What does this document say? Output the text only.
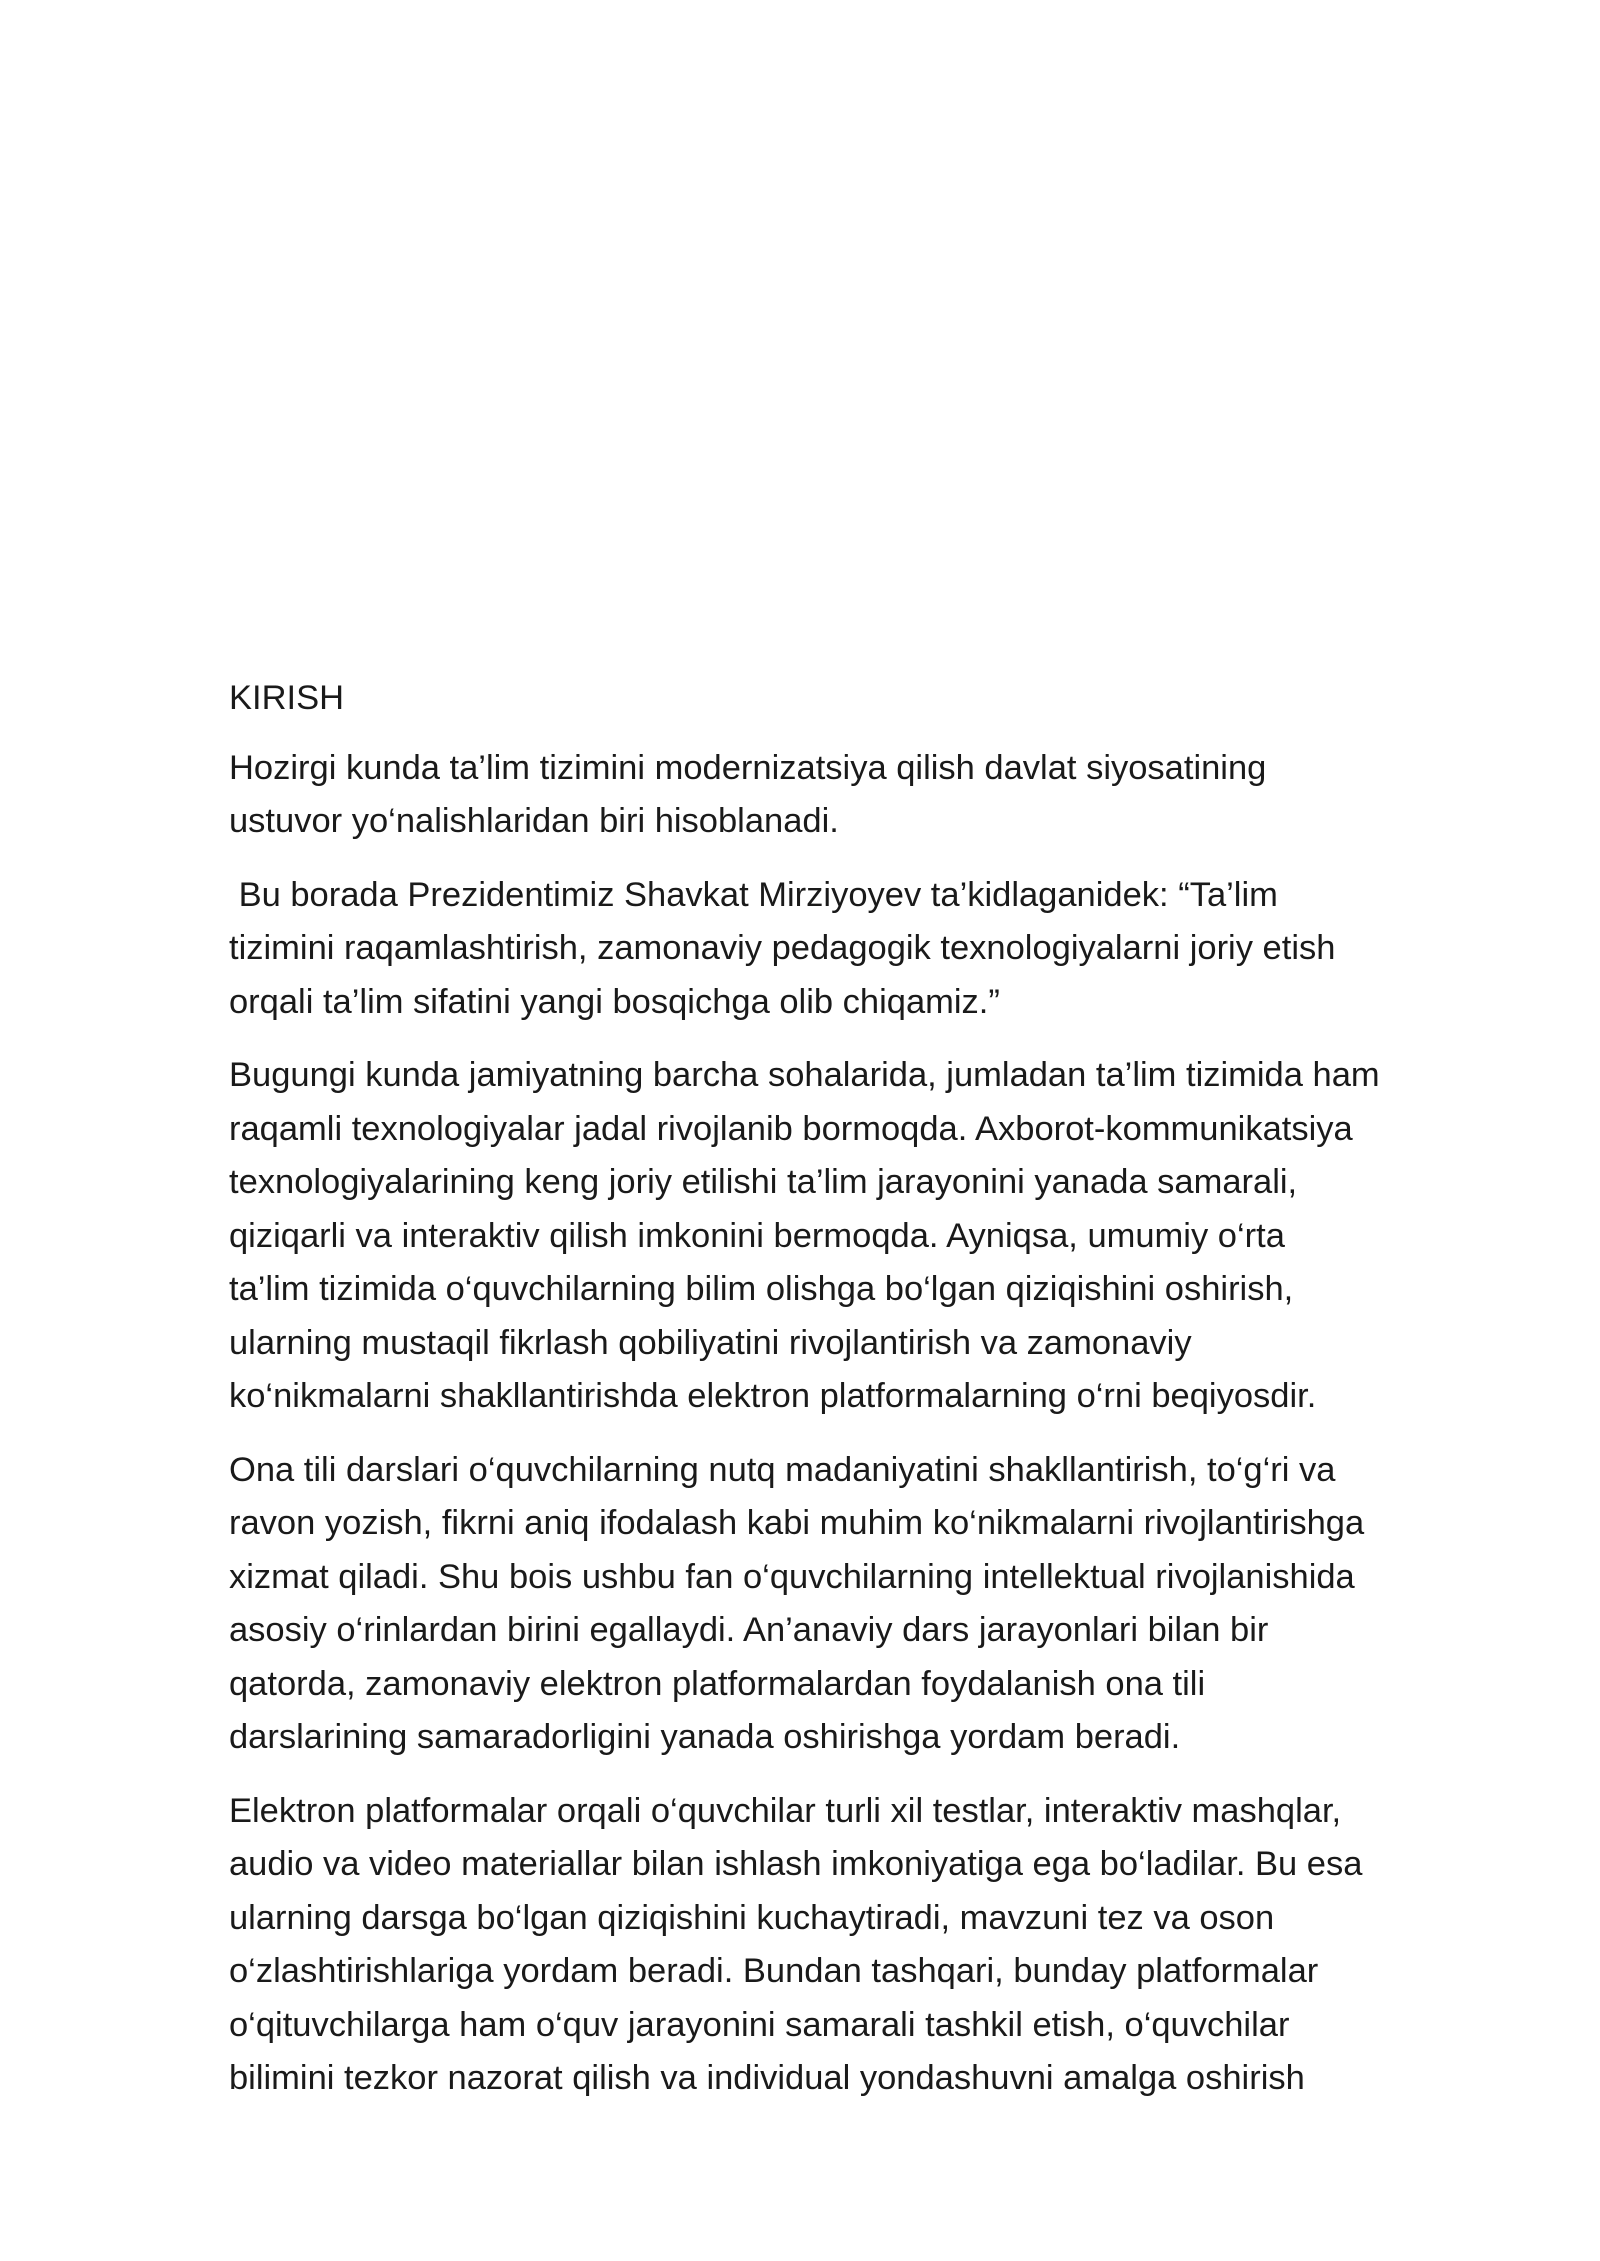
KIRISH

Hozirgi kunda ta’lim tizimini modernizatsiya qilish davlat siyosatining
ustuvor yo‘nalishlaridan biri hisoblanadi.

Bu borada Prezidentimiz Shavkat Mirziyoyev ta’kidlaganidek: “Ta’lim
tizimini raqamlashtirish, zamonaviy pedagogik texnologiyalarni joriy etish
orqali ta’lim sifatini yangi bosqichga olib chiqamiz.”

Bugungi kunda jamiyatning barcha sohalarida, jumladan ta’lim tizimida ham
raqamli texnologiyalar jadal rivojlanib bormoqda. Axborot-kommunikatsiya
texnologiyalarining keng joriy etilishi ta’lim jarayonini yanada samarali,
qiziqarli va interaktiv qilish imkonini bermoqda. Ayniqsa, umumiy o‘rta
ta’lim tizimida o‘quvchilarning bilim olishga bo‘lgan qiziqishini oshirish,
ularning mustaqil fikrlash qobiliyatini rivojlantirish va zamonaviy
ko‘nikmalarni shakllantirishda elektron platformalarning o‘rni beqiyosdir.

Ona tili darslari o‘quvchilarning nutq madaniyatini shakllantirish, to‘g‘ri va
ravon yozish, fikrni aniq ifodalash kabi muhim ko‘nikmalarni rivojlantirishga
xizmat qiladi. Shu bois ushbu fan o‘quvchilarning intellektual rivojlanishida
asosiy o‘rinlardan birini egallaydi. An’anaviy dars jarayonlari bilan bir
qatorda, zamonaviy elektron platformalardan foydalanish ona tili
darslarining samaradorligini yanada oshirishga yordam beradi.

Elektron platformalar orqali o‘quvchilar turli xil testlar, interaktiv mashqlar,
audio va video materiallar bilan ishlash imkoniyatiga ega bo‘ladilar. Bu esa
ularning darsga bo‘lgan qiziqishini kuchaytiradi, mavzuni tez va oson
o‘zlashtirishlariga yordam beradi. Bundan tashqari, bunday platformalar
o‘qituvchilarga ham o‘quv jarayonini samarali tashkil etish, o‘quvchilar
bilimini tezkor nazorat qilish va individual yondashuvni amalga oshirish
